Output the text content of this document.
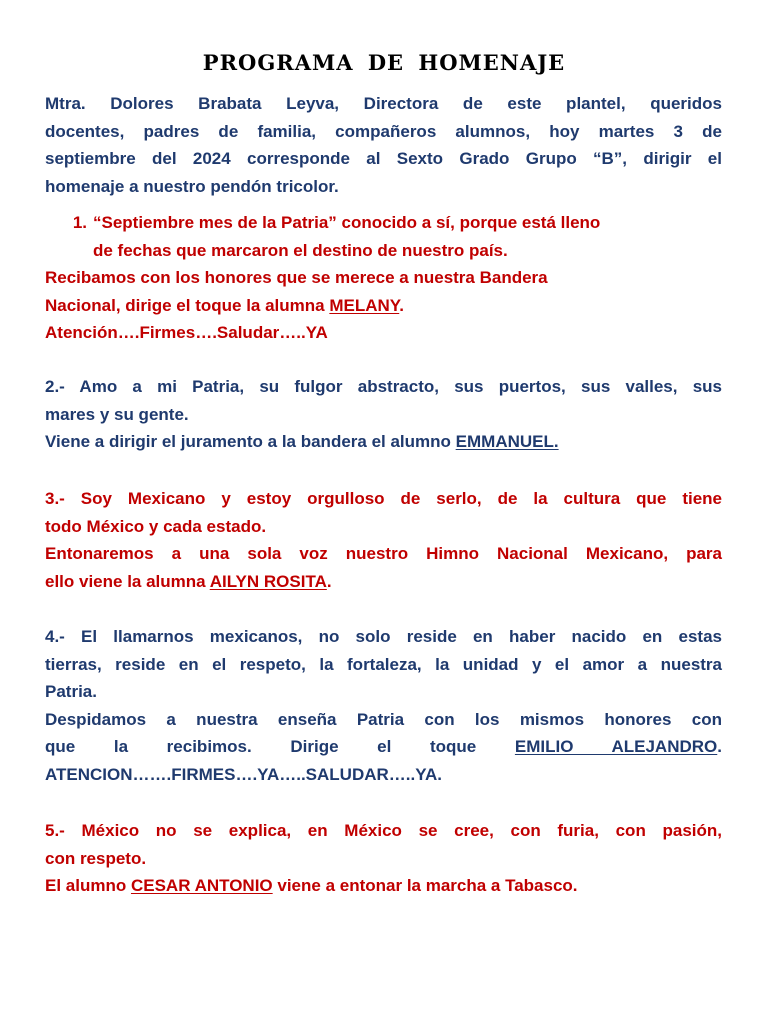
PROGRAMA DE HOMENAJE
Mtra. Dolores Brabata Leyva, Directora de este plantel, queridos
docentes, padres de familia, compañeros alumnos, hoy martes 3 de
septiembre del 2024 corresponde al Sexto Grado Grupo “B”, dirigir el
homenaje a nuestro pendón tricolor.
1. “Septiembre mes de la Patria” conocido a sí, porque está lleno
de fechas que marcaron el destino de nuestro país.
Recibamos con los honores que se merece a nuestra Bandera
Nacional, dirige el toque la alumna MELANY.
Atención….Firmes….Saludar…..YA
2.- Amo a mi Patria, su fulgor abstracto, sus puertos, sus valles, sus
mares y su gente.
Viene a dirigir el juramento a la bandera el alumno EMMANUEL.
3.- Soy Mexicano y estoy orgulloso de serlo, de la cultura que tiene
todo México y cada estado.
Entonaremos a una sola voz nuestro Himno Nacional Mexicano, para
ello viene la alumna AILYN ROSITA.
4.- El llamarnos mexicanos, no solo reside en haber nacido en estas
tierras, reside en el respeto, la fortaleza, la unidad y el amor a nuestra
Patria.
Despidamos a nuestra enseña Patria con los mismos honores con
que la recibimos. Dirige el toque EMILIO ALEJANDRO.
ATENCION…….FIRMES….YA…..SALUDAR…..YA.
5.- México no se explica, en México se cree, con furia, con pasión,
con respeto.
El alumno CESAR ANTONIO viene a entonar la marcha a Tabasco.
